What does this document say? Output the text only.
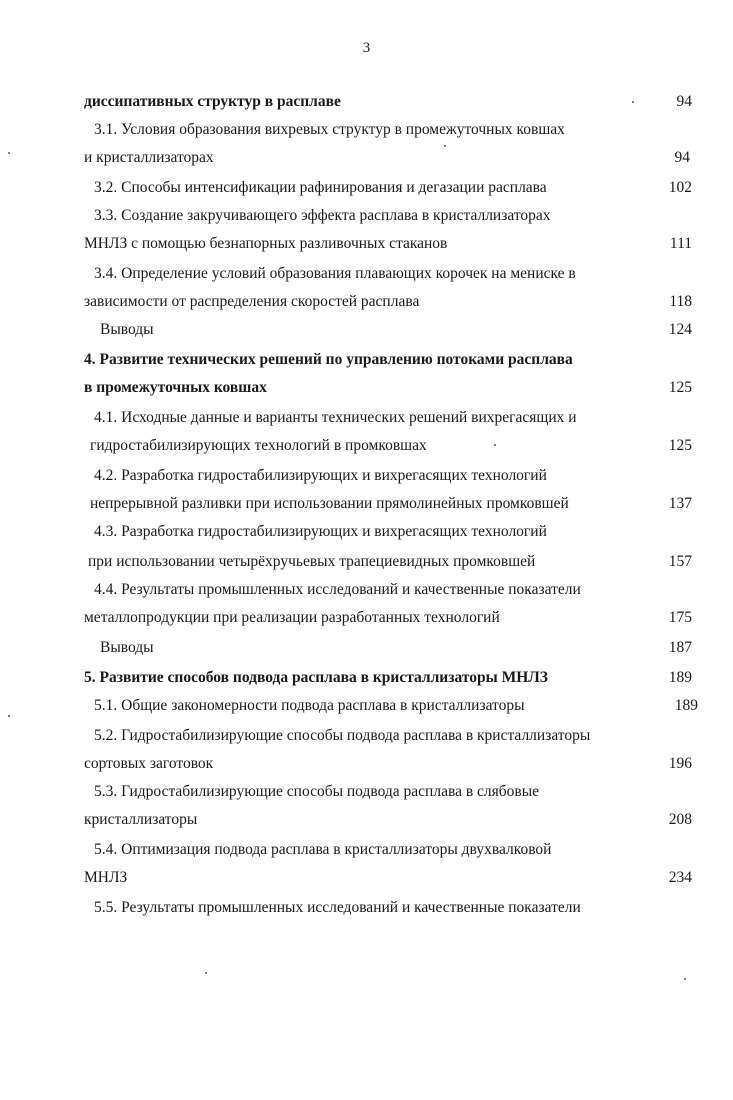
3
диссипативных структур в расплаве	94
3.1. Условия образования вихревых структур в промежуточных ковшах
и кристаллизаторах	94
3.2. Способы интенсификации рафинирования и дегазации расплава	102
3.3. Создание закручивающего эффекта расплава в кристаллизаторах
МНЛЗ с помощью безнапорных разливочных стаканов	111
3.4. Определение условий образования плавающих корочек на мениске в
зависимости от распределения скоростей расплава	118
Выводы	124
4. Развитие технических решений по управлению потоками расплава
в промежуточных ковшах	125
4.1. Исходные данные и варианты технических решений вихрегасящих и
гидростабилизирующих технологий в промковшах	125
4.2. Разработка гидростабилизирующих и вихрегасящих технологий
непрерывной разливки при использовании прямолинейных промковшей	137
4.3. Разработка гидростабилизирующих и вихрегасящих технологий
при использовании четырёхручьевых трапециевидных промковшей	157
4.4. Результаты промышленных исследований и качественные показатели
металлопродукции при реализации разработанных технологий	175
Выводы	187
5. Развитие способов подвода расплава в кристаллизаторы МНЛЗ	189
5.1. Общие закономерности подвода расплава в кристаллизаторы	189
5.2. Гидростабилизирующие способы подвода расплава в кристаллизаторы
сортовых заготовок	196
5.3. Гидростабилизирующие способы подвода расплава в слябовые
кристаллизаторы	208
5.4. Оптимизация подвода расплава в кристаллизаторы двухвалковой
МНЛЗ	234
5.5. Результаты промышленных исследований и качественные показатели
